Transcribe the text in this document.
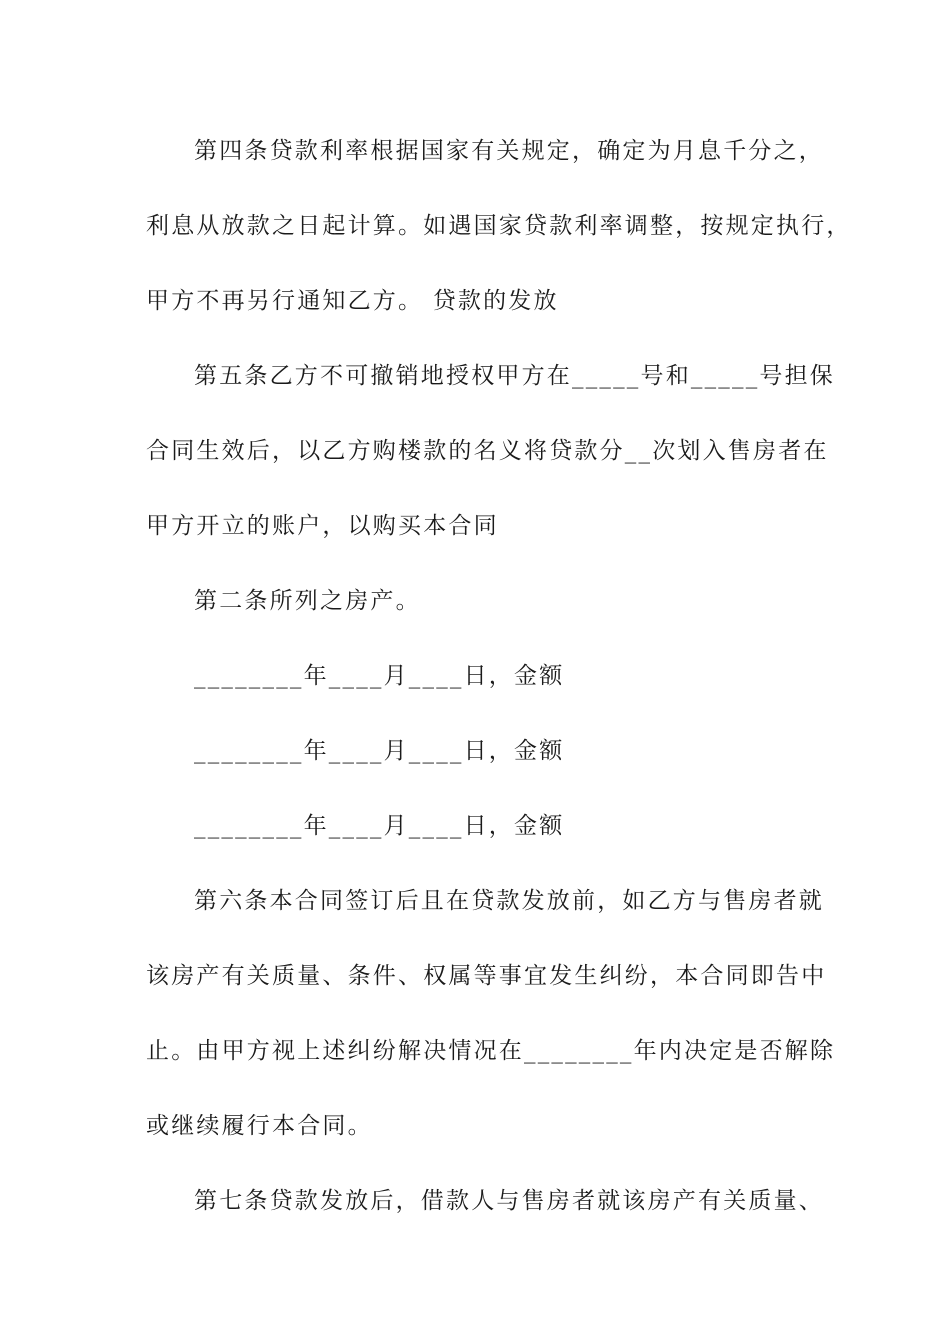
第四条贷款利率根据国家有关规定，确定为月息千分之，
利息从放款之日起计算。如遇国家贷款利率调整，按规定执行，
甲方不再另行通知乙方。 贷款的发放
第五条乙方不可撤销地授权甲方在_____号和_____号担保
合同生效后，以乙方购楼款的名义将贷款分__次划入售房者在
甲方开立的账户，以购买本合同
第二条所列之房产。
________年____月____日，金额
________年____月____日，金额
________年____月____日，金额
第六条本合同签订后且在贷款发放前，如乙方与售房者就
该房产有关质量、条件、权属等事宜发生纠纷，本合同即告中
止。由甲方视上述纠纷解决情况在________年内决定是否解除
或继续履行本合同。
第七条贷款发放后，借款人与售房者就该房产有关质量、
